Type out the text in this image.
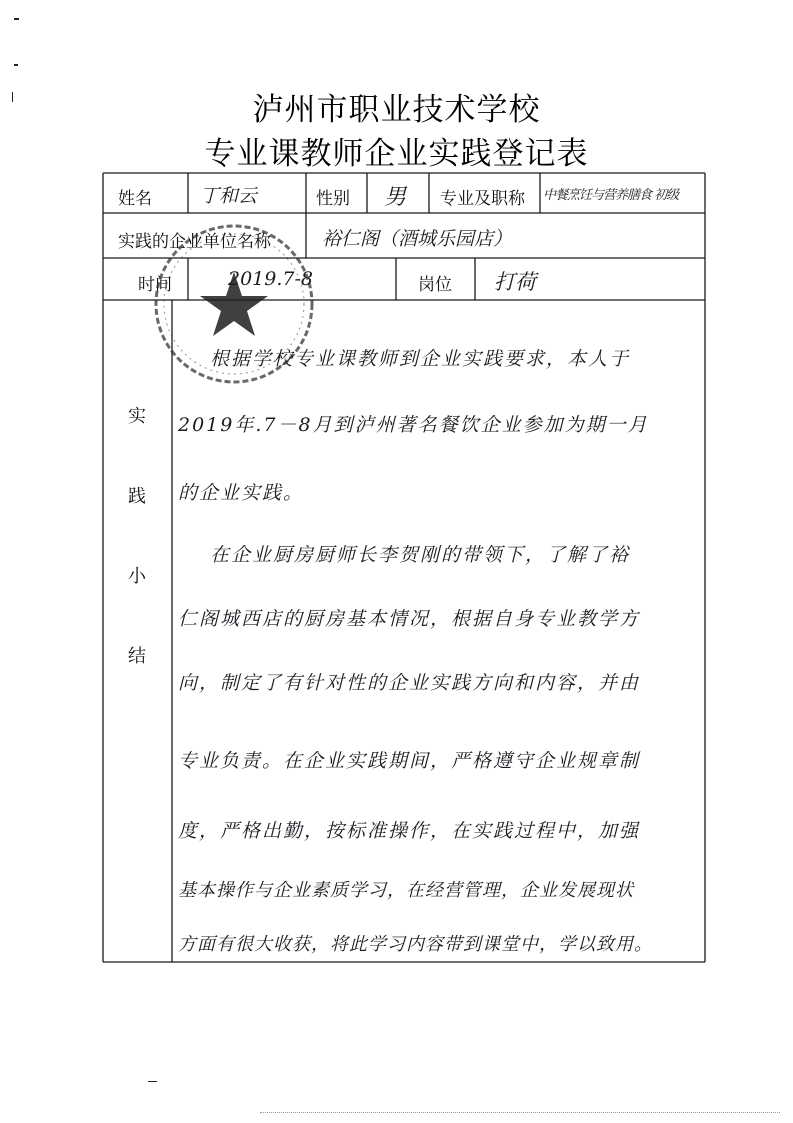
泸州市职业技术学校
专业课教师企业实践登记表
姓名	丁和云	性别 男 专业及职称 中餐烹饪与营养膳食 初级
实践的企业单位名称	裕仁阁（酒城乐园店）
时间	2019.7-8	岗位 打荷
实
践
小
结
根据学校专业课教师到企业实践要求，本人于
2019年.7－8月到泸州著名餐饮企业参加为期一月
的企业实践。
在企业厨房厨师长李贺刚的带领下，了解了裕
仁阁城西店的厨房基本情况，根据自身专业教学方
向，制定了有针对性的企业实践方向和内容，并由
专业负责。在企业实践期间，严格遵守企业规章制
度，严格出勤，按标准操作，在实践过程中，加强
基本操作与企业素质学习，在经营管理，企业发展现状
方面有很大收获，将此学习内容带到课堂中，学以致用。
